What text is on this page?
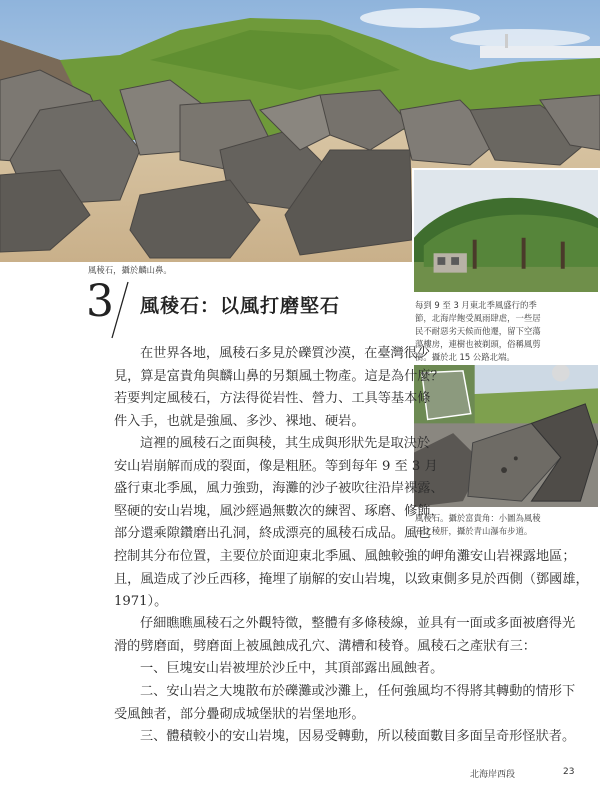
風稜石，攝於麟山鼻。
每到 9 至 3 月東北季風盛行的季
節，北海岸飽受風雨肆虐，一些居
民不耐惡劣天候而他遷，留下空蕩
蕩樓房，連樹也被剃頭，俗稱風剪
樹。攝於北 15 公路北端。
風稜石。攝於富貴角：小圖為風稜
石之稜肝，攝於青山瀑布步道。
3 風稜石：以風打磨堅石
在世界各地，風稜石多見於礫質沙漠，在臺灣很少
見，算是富貴角與麟山鼻的另類風土物產。這是為什麼？
若要判定風稜石，方法得從岩性、營力、工具等基本條
件入手，也就是強風、多沙、裸地、硬岩。
這裡的風稜石之面與稜，其生成與形狀先是取決於
安山岩崩解而成的裂面，像是粗胚。等到每年 9 至 3 月
盛行東北季風，風力強勁，海灘的沙子被吹往沿岸裸露、
堅硬的安山岩塊，風沙經過無數次的練習、琢磨、修飾，
部分還乘隙鑽磨出孔洞，終成漂亮的風稜石成品。風也
控制其分布位置，主要位於面迎東北季風、風蝕較強的岬角灘安山岩裸露地區；
且，風造成了沙丘西移，掩埋了崩解的安山岩塊，以致東側多見於西側（鄧國雄，
1971）。
仔細瞧瞧風稜石之外觀特徵，整體有多條稜線，並具有一面或多面被磨得光
滑的劈磨面，劈磨面上被風蝕成孔穴、溝槽和稜脊。風稜石之產狀有三：
一、巨塊安山岩被埋於沙丘中，其頂部露出風蝕者。
二、安山岩之大塊散布於礫灘或沙灘上，任何強風均不得將其轉動的情形下
受風蝕者，部分疊砌成城堡狀的岩堡地形。
三、體積較小的安山岩塊，因易受轉動，所以稜面數目多面呈奇形怪狀者。
北海岸西段	23
